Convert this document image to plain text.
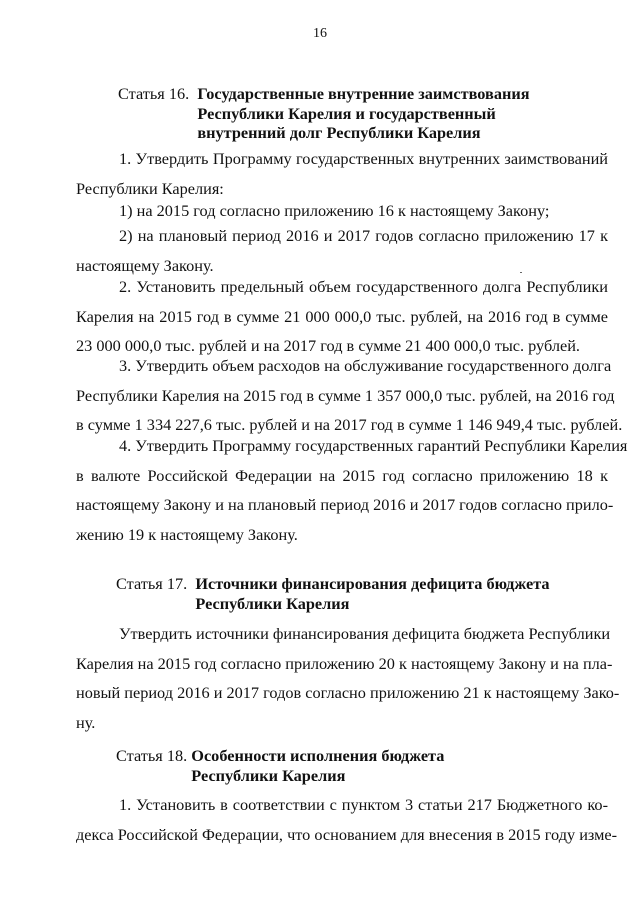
16
Статья 16.
Государственные внутренние заимствования
Республики Карелия и государственный
внутренний долг Республики Карелия
1. Утвердить Программу государственных внутренних заимствований
Республики Карелия:
1) на 2015 год согласно приложению 16 к настоящему Закону;
2) на плановый период 2016 и 2017 годов согласно приложению 17 к
настоящему Закону.
2. Установить предельный объем государственного долга Республики
Карелия на 2015 год в сумме 21 000 000,0 тыс. рублей, на 2016 год в сумме
23 000 000,0 тыс. рублей и на 2017 год в сумме 21 400 000,0 тыс. рублей.
3. Утвердить объем расходов на обслуживание государственного долга
Республики Карелия на 2015 год в сумме 1 357 000,0 тыс. рублей, на 2016 год
в сумме 1 334 227,6 тыс. рублей и на 2017 год в сумме 1 146 949,4 тыс. рублей.
4. Утвердить Программу государственных гарантий Республики Карелия
в валюте Российской Федерации на 2015 год согласно приложению 18 к
настоящему Закону и на плановый период 2016 и 2017 годов согласно прило-
жению 19 к настоящему Закону.
Статья 17.
Источники финансирования дефицита бюджета
Республики Карелия
Утвердить источники финансирования дефицита бюджета Республики
Карелия на 2015 год согласно приложению 20 к настоящему Закону и на пла-
новый период 2016 и 2017 годов согласно приложению 21 к настоящему Зако-
ну.
Статья 18.
Особенности исполнения бюджета
Республики Карелия
1. Установить в соответствии с пунктом 3 статьи 217 Бюджетного ко-
декса Российской Федерации, что основанием для внесения в 2015 году изме-
